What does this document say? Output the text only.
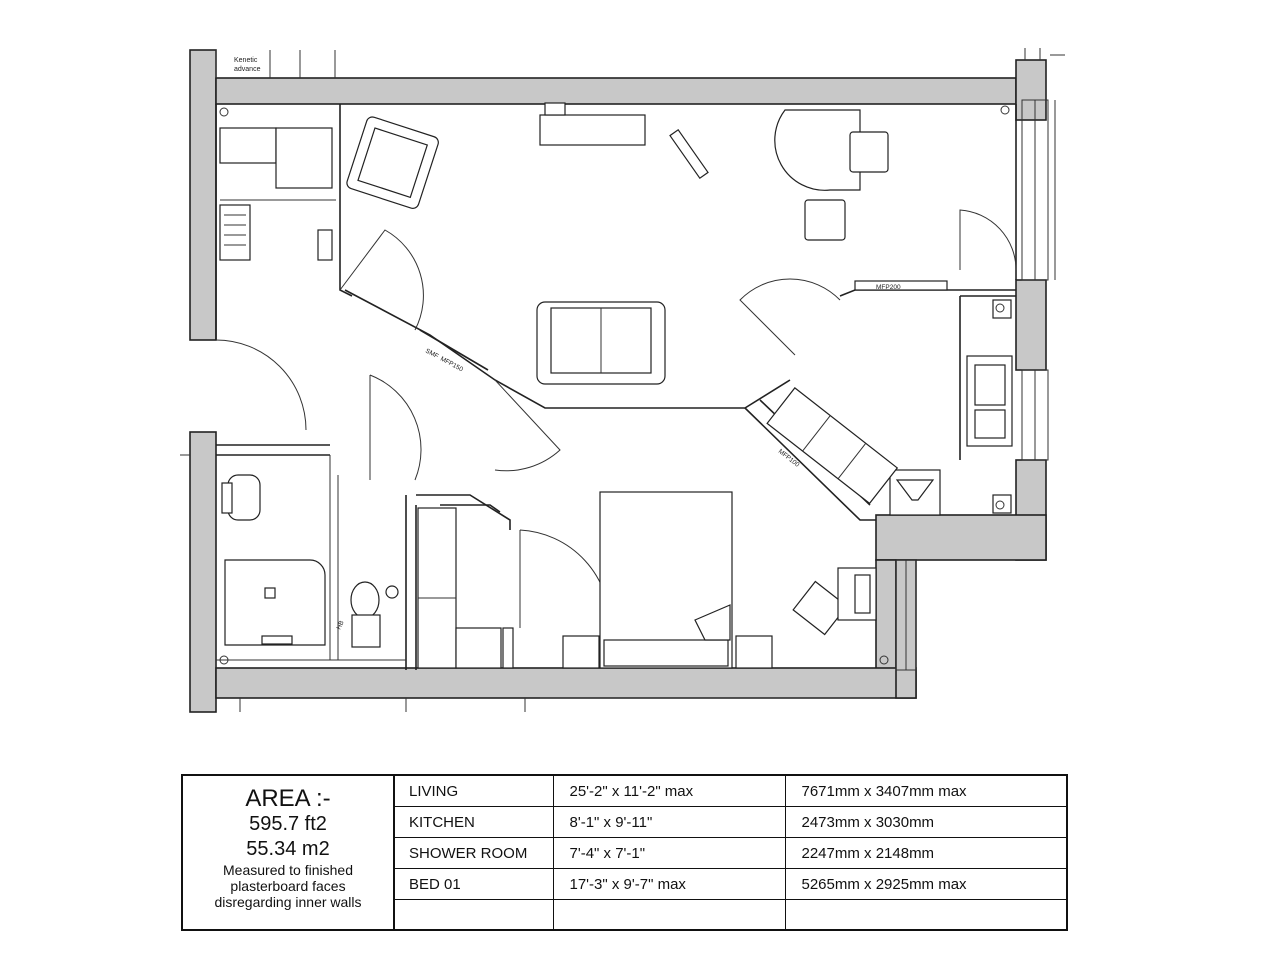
Kenetic
advance
MFP200
SMF
MFP150
MFP100
HB
AREA :-
595.7 ft2
55.34 m2
Measured to finished
plasterboard faces
disregarding inner walls
LIVING	25'-2" x 11'-2" max	7671mm x 3407mm max
KITCHEN	8'-1" x 9'-11"	2473mm x 3030mm
SHOWER ROOM	7'-4" x 7'-1"	2247mm x 2148mm
BED 01	17'-3" x 9'-7" max	5265mm x 2925mm max
